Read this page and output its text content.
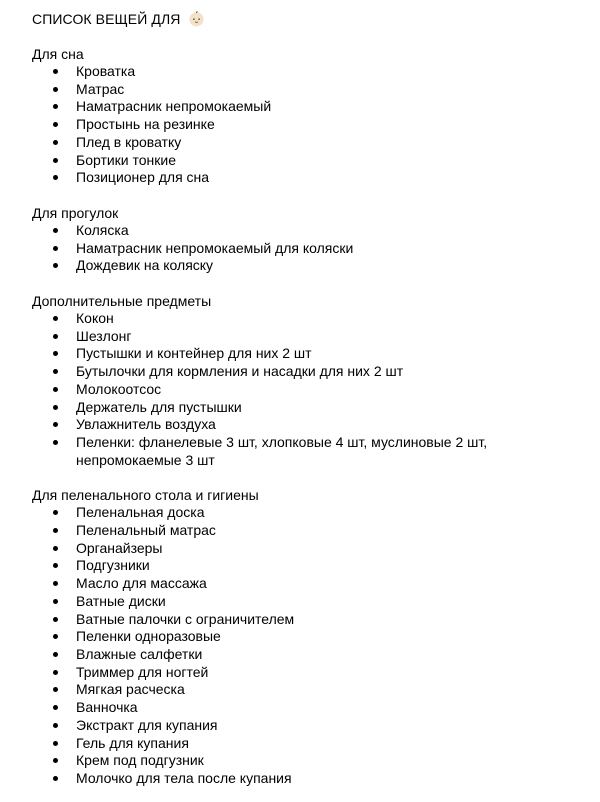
СПИСОК ВЕЩЕЙ ДЛЯ
Для сна
Кроватка
Матрас
Наматрасник непромокаемый
Простынь на резинке
Плед в кроватку
Бортики тонкие
Позиционер для сна
Для прогулок
Коляска
Наматрасник непромокаемый для коляски
Дождевик на коляску
Дополнительные предметы
Кокон
Шезлонг
Пустышки и контейнер для них 2 шт
Бутылочки для кормления и насадки для них 2 шт
Молокоотсос
Держатель для пустышки
Увлажнитель воздуха
Пеленки: фланелевые 3 шт, хлопковые 4 шт, муслиновые 2 шт, непромокаемые 3 шт
Для пеленального стола и гигиены
Пеленальная доска
Пеленальный матрас
Органайзеры
Подгузники
Масло для массажа
Ватные диски
Ватные палочки с ограничителем
Пеленки одноразовые
Влажные салфетки
Триммер для ногтей
Мягкая расческа
Ванночка
Экстракт для купания
Гель для купания
Крем под подгузник
Молочко для тела после купания
